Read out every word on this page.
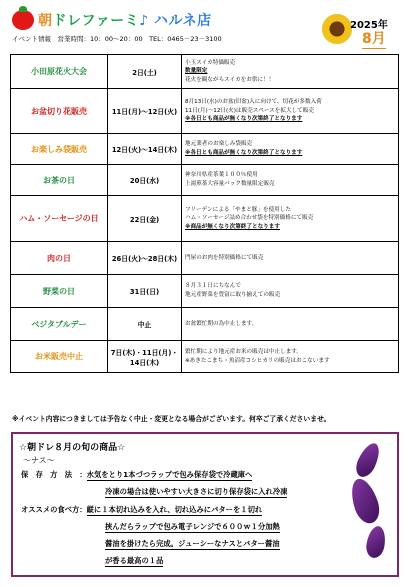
朝ドレファーミ♪ ハルネ店
イベント情報　営業時間：10：00～20：00　TEL：0465－23－3100
2025年
8月
小田原花火大会	2日(土)	小玉スイカ特価販売
数量限定
花火を観ながらスイカをお供に！！

お盆切り花販売	11日(月)～12日(火)	8月13日(水)のお盆(旧盆)入に向けて、切花が多数入荷
11日(月)～12日(火)は販売スペースを拡大して販売
※各日とも商品が無くなり次第終了となります

お楽しみ袋販売	12日(火)～14日(木)	地元業者のお楽しみ袋販売
※各日とも商品が無くなり次第終了となります

お茶の日	20日(水)	神奈川県産茶葉１００％使用
上湯煎茶大容量パック数量限定販売

ハム・ソーセージの日	22日(金)	フリーデンによる「やまと豚」を使用した
ハム・ソーセージ詰め合わせ袋を特別価格にて販売
※商品が無くなり次第終了となります

肉の日	26日(火)～28日(木)	門屋のお肉を特別価格にて販売

野菜の日	31日(日)	８月３１日にちなんで
地元産野菜を豊富に取り揃えての販売

ベジタブルデー	中止	お盆繁忙期の為中止します。

お米販売中止	7日(木)・11日(月)・14日(木)	繁忙期により地元産お米の販売は中止します。
※あきたこまち・魚沼産コシヒカリの販売はおこないます
※イベント内容につきましては予告なく中止・変更となる場合がございます。何卒ご了承くださいませ。
☆朝ドレ８月の旬の商品☆
～ナス～
保　存　方　法　：水気をとり1本づつラップで包み保存袋で冷蔵庫へ
冷凍の場合は使いやすい大きさに切り保存袋に入れ冷凍
オススメの食べ方：縦に１本切れ込みを入れ、切れ込みにバターを１切れ
挟んだらラップで包み電子レンジで６００ｗ１分加熱
醤油を掛けたら完成。ジューシーなナスとバター醤油
が香る最高の１品
